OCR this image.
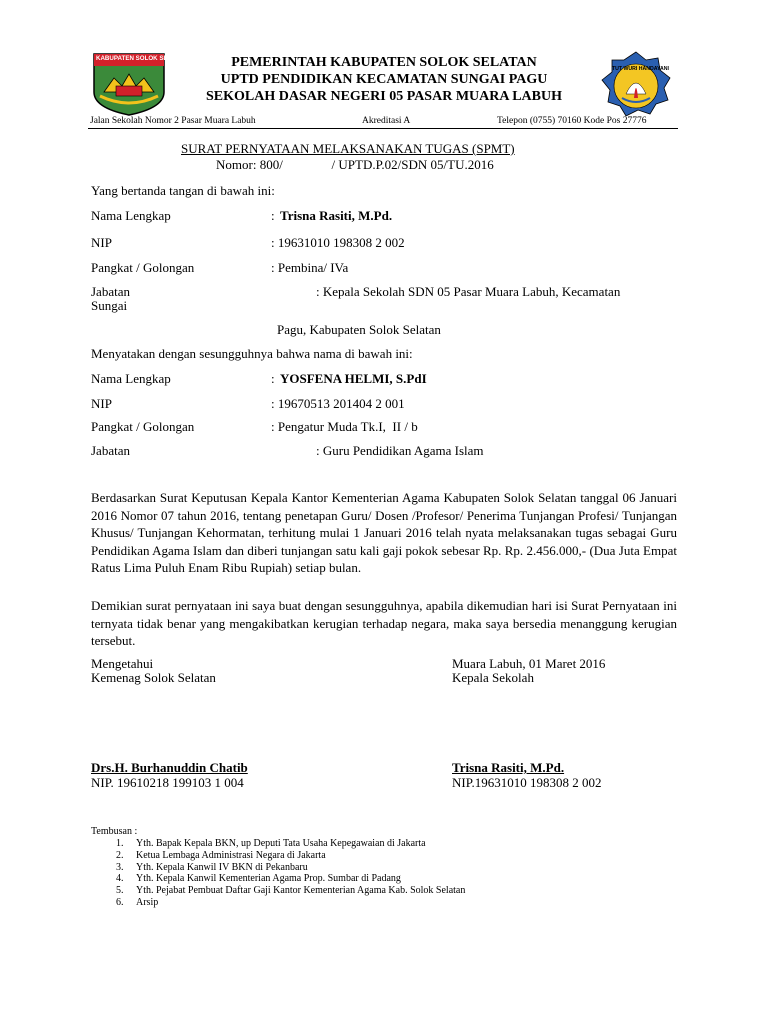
KABUPATEN SOLOK SELATAN
TUT WURI HANDAYANI
PEMERINTAH KABUPATEN SOLOK SELATAN
UPTD PENDIDIKAN KECAMATAN SUNGAI PAGU
SEKOLAH DASAR NEGERI 05 PASAR MUARA LABUH
Jalan Sekolah Nomor 2 Pasar Muara Labuh	Akreditasi A	Telepon (0755) 70160 Kode Pos 27776
SURAT PERNYATAAN MELAKSANAKAN TUGAS (SPMT)
Nomor: 800/               / UPTD.P.02/SDN 05/TU.2016
Yang bertanda tangan di bawah ini:
Nama Lengkap	: Trisna Rasiti, M.Pd.
NIP	: 19631010 198308 2 002
Pangkat / Golongan	: Pembina/ IVa
Jabatan	: Kepala Sekolah SDN 05 Pasar Muara Labuh, Kecamatan
Sungai
Pagu, Kabupaten Solok Selatan
Menyatakan dengan sesungguhnya bahwa nama di bawah ini:
Nama Lengkap	: YOSFENA HELMI, S.PdI
NIP	: 19670513 201404 2 001
Pangkat / Golongan	: Pengatur Muda Tk.I,  II / b
Jabatan	: Guru Pendidikan Agama Islam
Berdasarkan Surat Keputusan Kepala Kantor Kementerian Agama Kabupaten Solok Selatan tanggal 06 Januari 2016 Nomor 07 tahun 2016, tentang penetapan Guru/ Dosen /Profesor/ Penerima Tunjangan Profesi/ Tunjangan Khusus/ Tunjangan Kehormatan, terhitung mulai 1 Januari 2016 telah nyata melaksanakan tugas sebagai Guru Pendidikan Agama Islam dan diberi tunjangan satu kali gaji pokok sebesar Rp. Rp. 2.456.000,- (Dua Juta Empat Ratus Lima Puluh Enam Ribu Rupiah) setiap bulan.
Demikian surat pernyataan ini saya buat dengan sesungguhnya, apabila dikemudian hari isi Surat Pernyataan ini ternyata tidak benar yang mengakibatkan kerugian terhadap negara, maka saya bersedia menanggung kerugian tersebut.
Mengetahui
Kemenag Solok Selatan
Muara Labuh, 01 Maret 2016
Kepala Sekolah
Drs.H. Burhanuddin Chatib
NIP. 19610218 199103 1 004
Trisna Rasiti, M.Pd.
NIP.19631010 198308 2 002
Tembusan :
1. Yth. Bapak Kepala BKN, up Deputi Tata Usaha Kepegawaian di Jakarta
2. Ketua Lembaga Administrasi Negara di Jakarta
3. Yth. Kepala Kanwil IV BKN di Pekanbaru
4. Yth. Kepala Kanwil Kementerian Agama Prop. Sumbar di Padang
5. Yth. Pejabat Pembuat Daftar Gaji Kantor Kementerian Agama Kab. Solok Selatan
6. Arsip
